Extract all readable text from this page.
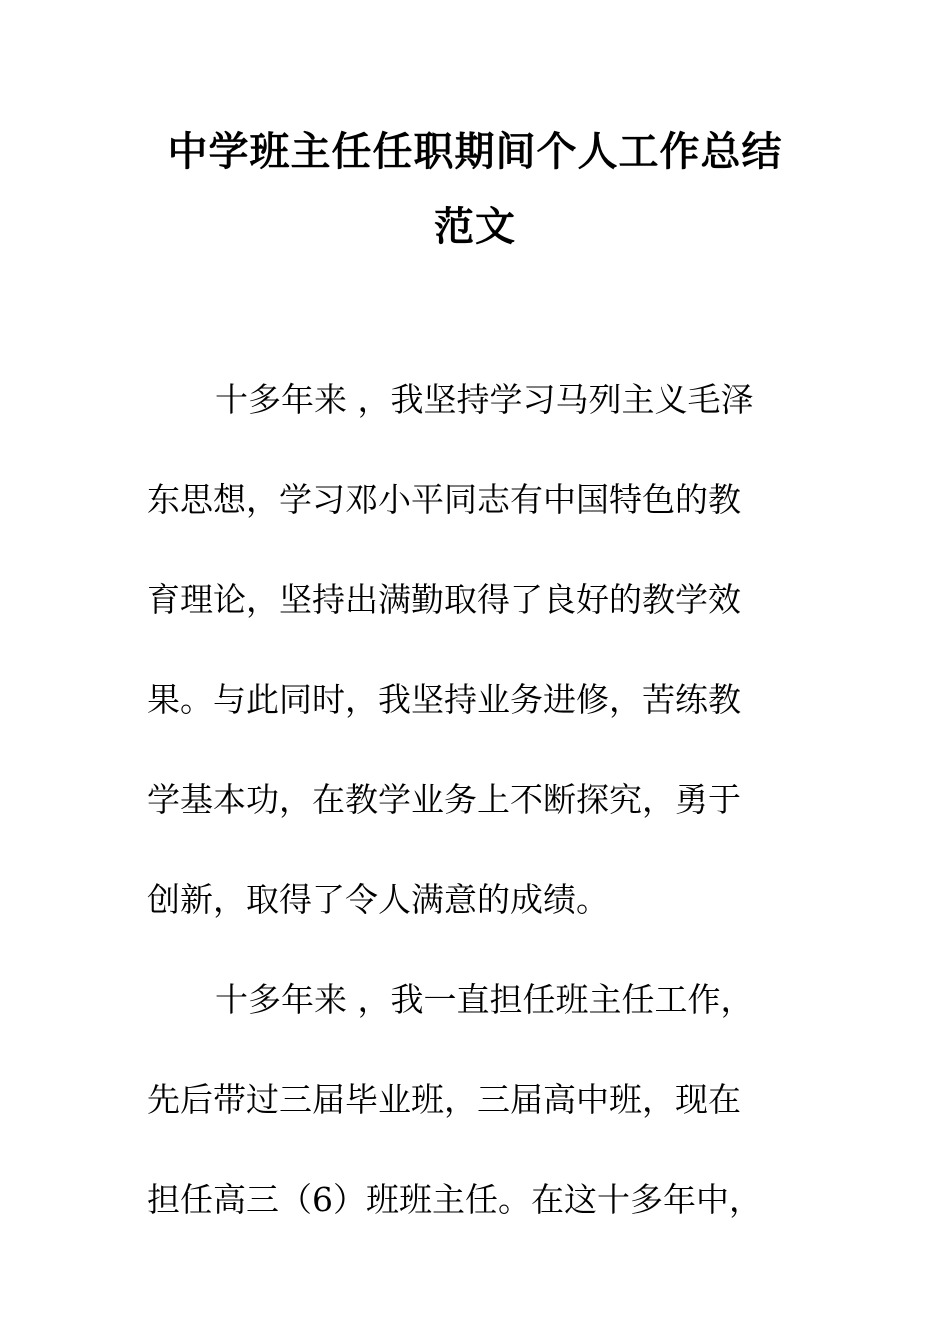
中学班主任任职期间个人工作总结
范文
十多年来 ，我坚持学习马列主义毛泽
东思想，学习邓小平同志有中国特色的教
育理论，坚持出满勤取得了良好的教学效
果。与此同时，我坚持业务进修，苦练教
学基本功，在教学业务上不断探究，勇于
创新，取得了令人满意的成绩。
十多年来 ，我一直担任班主任工作，
先后带过三届毕业班，三届高中班，现在
担任高三（6）班班主任。在这十多年中，
